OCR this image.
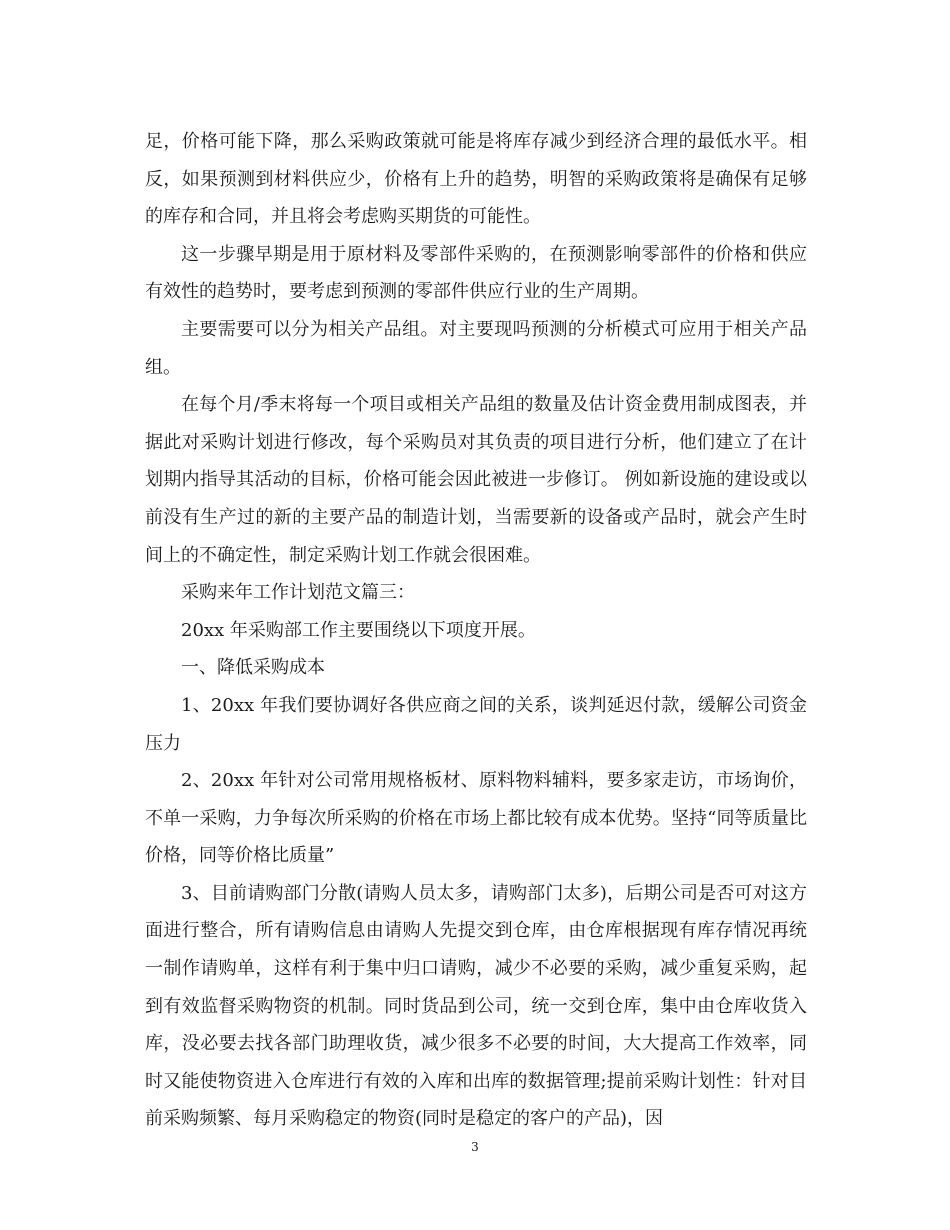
足，价格可能下降，那么采购政策就可能是将库存减少到经济合理的最低水平。相反，如果预测到材料供应少，价格有上升的趋势，明智的采购政策将是确保有足够的库存和合同，并且将会考虑购买期货的可能性。

这一步骤早期是用于原材料及零部件采购的，在预测影响零部件的价格和供应有效性的趋势时，要考虑到预测的零部件供应行业的生产周期。

主要需要可以分为相关产品组。对主要现吗预测的分析模式可应用于相关产品组。

在每个月/季末将每一个项目或相关产品组的数量及估计资金费用制成图表，并据此对采购计划进行修改，每个采购员对其负责的项目进行分析，他们建立了在计划期内指导其活动的目标，价格可能会因此被进一步修订。 例如新设施的建设或以前没有生产过的新的主要产品的制造计划，当需要新的设备或产品时，就会产生时间上的不确定性，制定采购计划工作就会很困难。

采购来年工作计划范文篇三：

20xx 年采购部工作主要围绕以下项度开展。

一、降低采购成本

1、20xx 年我们要协调好各供应商之间的关系，谈判延迟付款，缓解公司资金压力

2、20xx 年针对公司常用规格板材、原料物料辅料，要多家走访，市场询价，不单一采购，力争每次所采购的价格在市场上都比较有成本优势。坚持“同等质量比价格，同等价格比质量”

3、目前请购部门分散(请购人员太多，请购部门太多)，后期公司是否可对这方面进行整合，所有请购信息由请购人先提交到仓库，由仓库根据现有库存情况再统一制作请购单，这样有利于集中归口请购，减少不必要的采购，减少重复采购，起到有效监督采购物资的机制。同时货品到公司，统一交到仓库，集中由仓库收货入库，没必要去找各部门助理收货，减少很多不必要的时间，大大提高工作效率，同时又能使物资进入仓库进行有效的入库和出库的数据管理;提前采购计划性：针对目前采购频繁、每月采购稳定的物资(同时是稳定的客户的产品)，因

3
